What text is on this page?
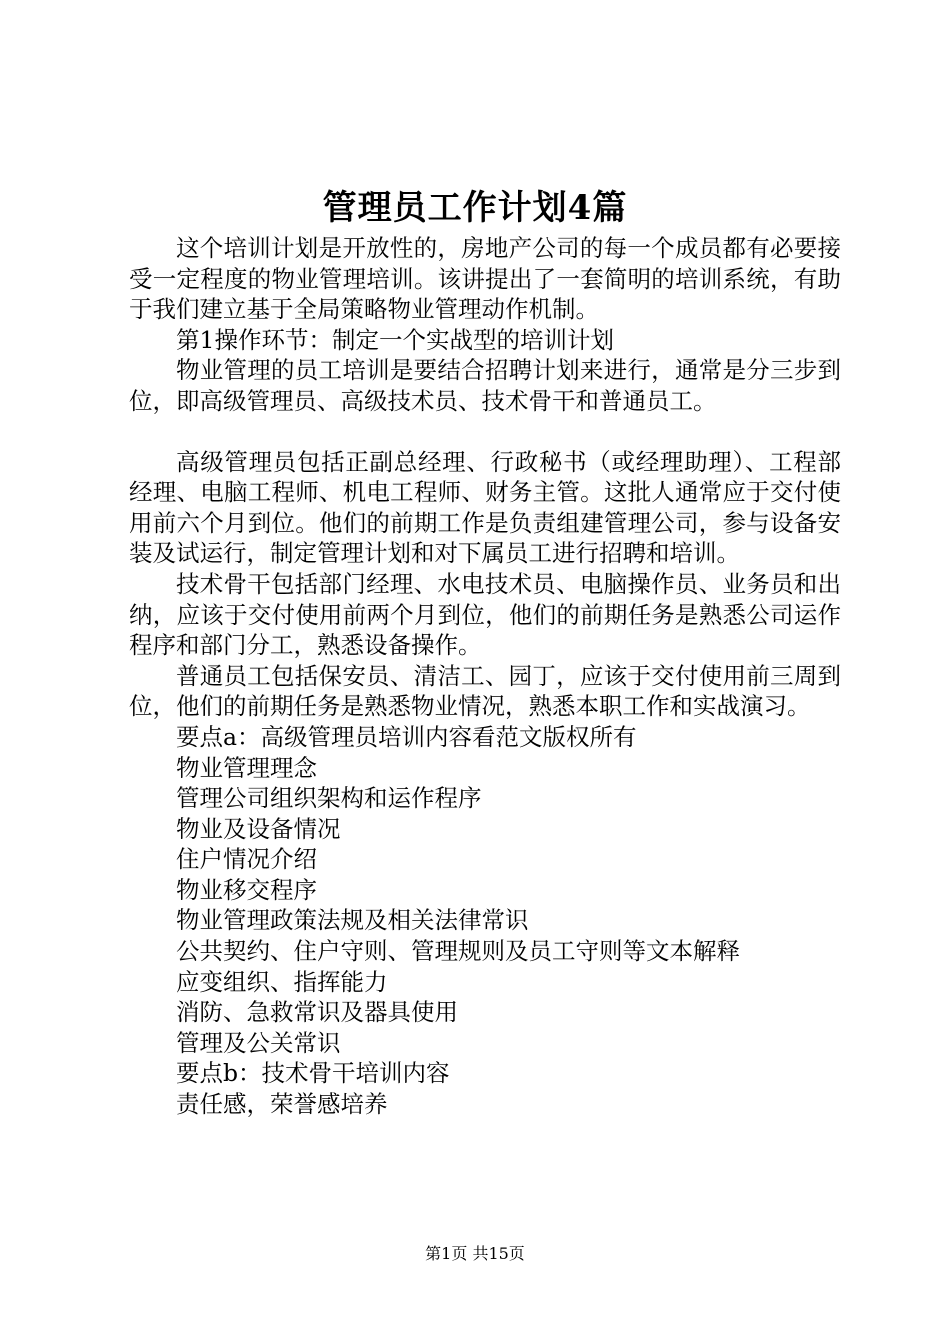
管理员工作计划4篇

这个培训计划是开放性的，房地产公司的每一个成员都有必要接受一定程度的物业管理培训。该讲提出了一套简明的培训系统，有助于我们建立基于全局策略物业管理动作机制。

第1操作环节：制定一个实战型的培训计划

物业管理的员工培训是要结合招聘计划来进行，通常是分三步到位，即高级管理员、高级技术员、技术骨干和普通员工。

高级管理员包括正副总经理、行政秘书（或经理助理）、工程部经理、电脑工程师、机电工程师、财务主管。这批人通常应于交付使用前六个月到位。他们的前期工作是负责组建管理公司，参与设备安装及试运行，制定管理计划和对下属员工进行招聘和培训。

技术骨干包括部门经理、水电技术员、电脑操作员、业务员和出纳，应该于交付使用前两个月到位，他们的前期任务是熟悉公司运作程序和部门分工，熟悉设备操作。

普通员工包括保安员、清洁工、园丁，应该于交付使用前三周到位，他们的前期任务是熟悉物业情况，熟悉本职工作和实战演习。

要点a：高级管理员培训内容看范文版权所有

物业管理理念

管理公司组织架构和运作程序

物业及设备情况

住户情况介绍

物业移交程序

物业管理政策法规及相关法律常识

公共契约、住户守则、管理规则及员工守则等文本解释

应变组织、指挥能力

消防、急救常识及器具使用

管理及公关常识

要点b：技术骨干培训内容

责任感，荣誉感培养

第1页 共15页
